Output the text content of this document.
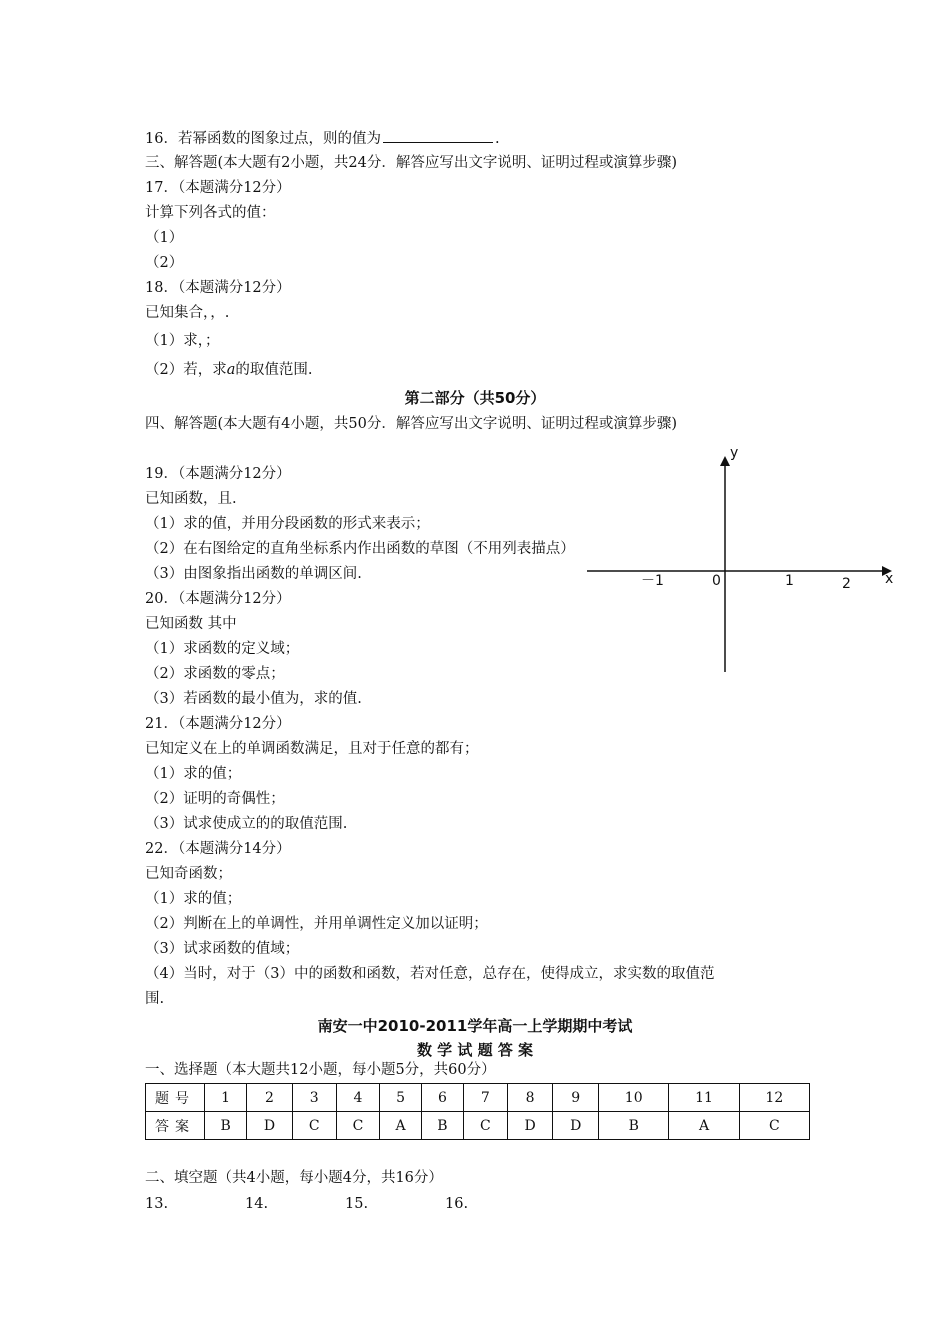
16．若幂函数的图象过点，则的值为	.
三、解答题(本大题有2小题，共24分．解答应写出文字说明、证明过程或演算步骤)
17．（本题满分12分）
计算下列各式的值：
（1）
（2）
18．（本题满分12分）
已知集合，，.
（1）求，；
（2）若，求a的取值范围.
第二部分（共50分）
四、解答题(本大题有4小题，共50分．解答应写出文字说明、证明过程或演算步骤)
19．（本题满分12分）
已知函数，且.
（1）求的值，并用分段函数的形式来表示；
（2）在右图给定的直角坐标系内作出函数的草图（不用列表描点）
（3）由图象指出函数的单调区间.
20．（本题满分12分）
已知函数 其中
（1）求函数的定义域；
（2）求函数的零点；
（3）若函数的最小值为，求的值.
21．（本题满分12分）
已知定义在上的单调函数满足，且对于任意的都有；
（1）求的值；
（2）证明的奇偶性；
（3）试求使成立的的取值范围.
22．（本题满分14分）
已知奇函数；
（1）求的值；
（2）判断在上的单调性，并用单调性定义加以证明；
（3）试求函数的值域；
（4）当时，对于（3）中的函数和函数，若对任意，总存在，使得成立，求实数的取值范
围.
y
x
0
－1	1	2
南安一中2010-2011学年高一上学期期中考试
数 学 试 题 答 案
一、选择题（本大题共12小题，每小题5分，共60分）
题号	1	2	3	4	5	6	7	8	9	10	11	12
答案	B	D	C	C	A	B	C	D	D	B	A	C
二、填空题（共4小题，每小题4分，共16分）
13.	14.	15.	16.
